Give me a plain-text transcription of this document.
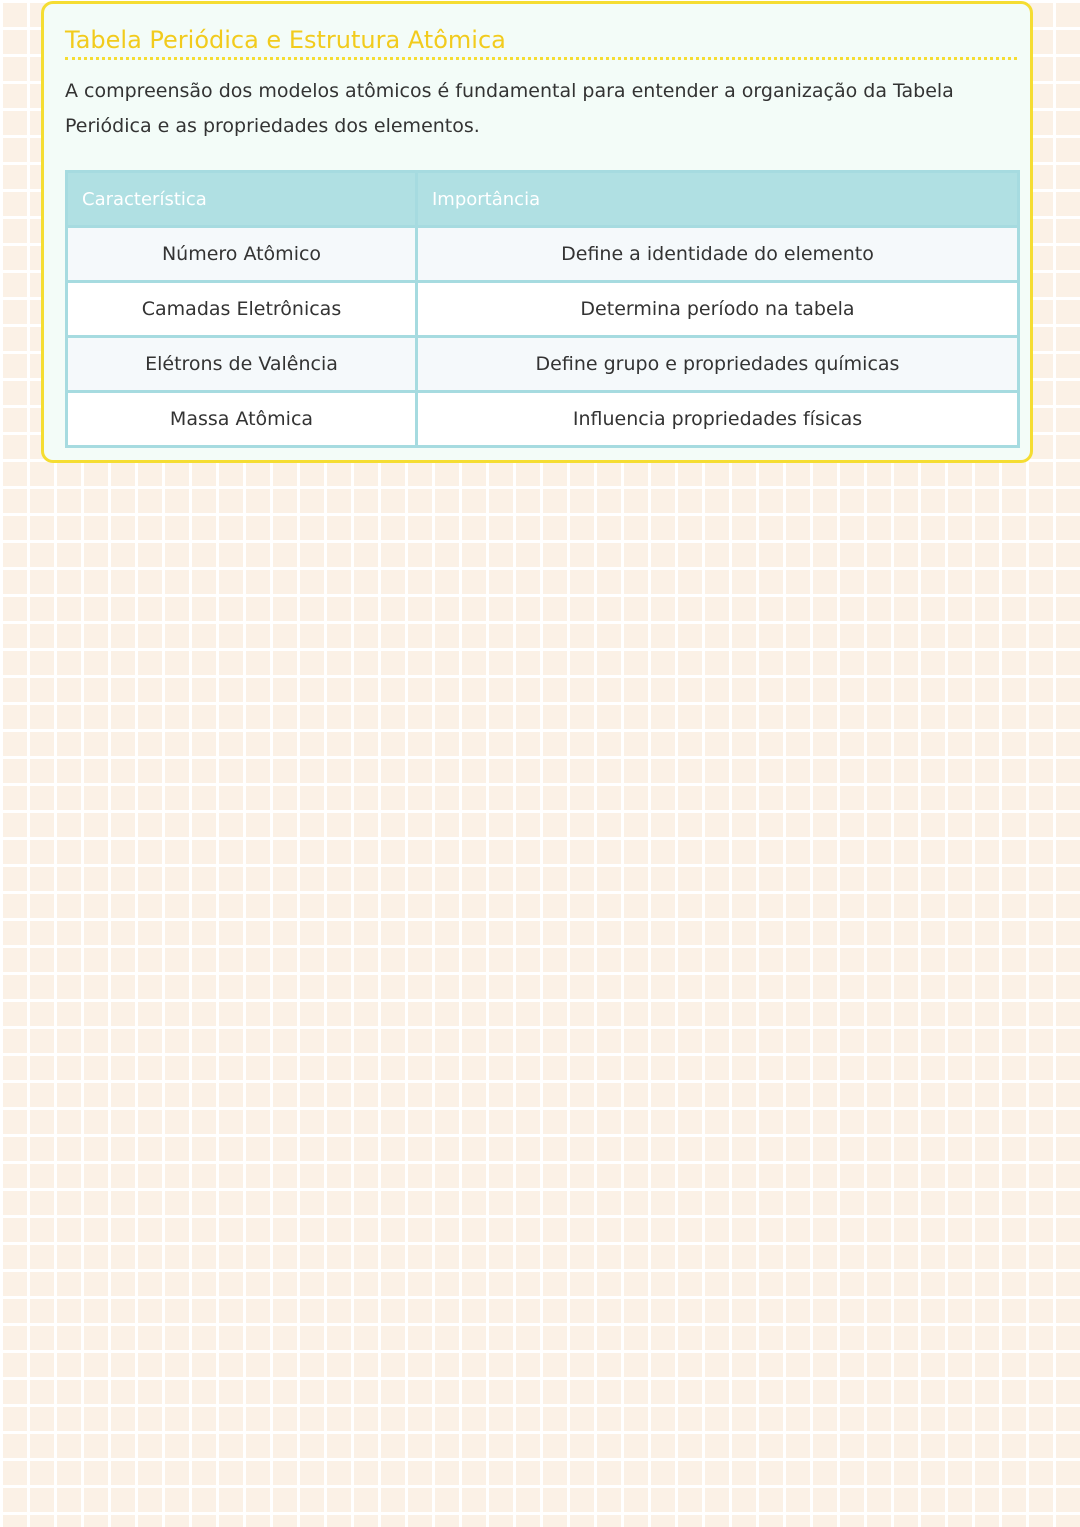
Tabela Periódica e Estrutura Atômica

A compreensão dos modelos atômicos é fundamental para entender a organização da Tabela Periódica e as propriedades dos elementos.

Característica	Importância
Número Atômico	Define a identidade do elemento
Camadas Eletrônicas	Determina período na tabela
Elétrons de Valência	Define grupo e propriedades químicas
Massa Atômica	Influencia propriedades físicas
